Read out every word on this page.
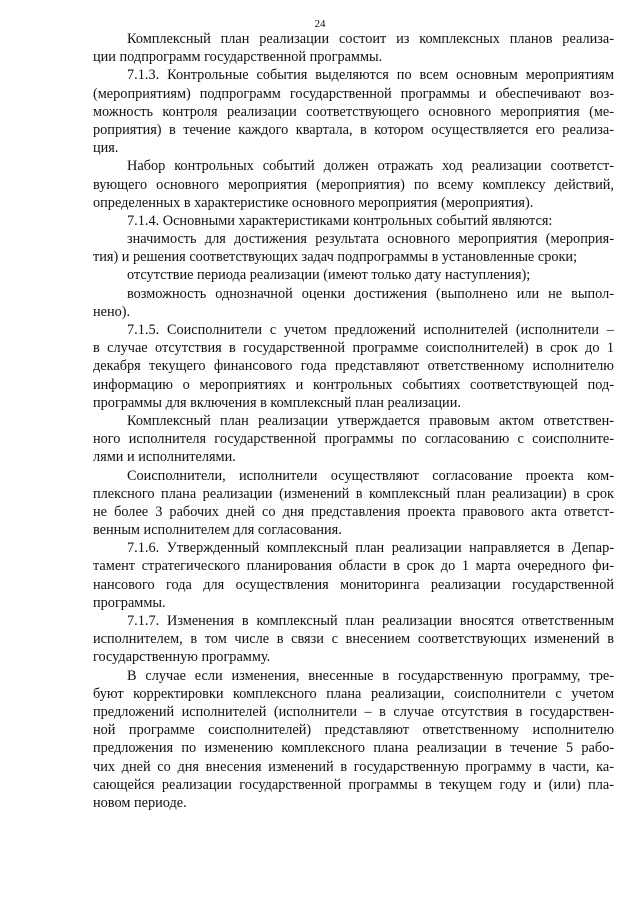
24
Комплексный план реализации состоит из комплексных планов реализа-
ции подпрограмм государственной программы.
7.1.3. Контрольные события выделяются по всем основным мероприятиям
(мероприятиям) подпрограмм государственной программы и обеспечивают воз-
можность контроля реализации соответствующего основного мероприятия (ме-
роприятия) в течение каждого квартала, в котором осуществляется его реализа-
ция.
Набор контрольных событий должен отражать ход реализации соответст-
вующего основного мероприятия (мероприятия) по всему комплексу действий,
определенных в характеристике основного мероприятия (мероприятия).
7.1.4. Основными характеристиками контрольных событий являются:
значимость для достижения результата основного мероприятия (мероприя-
тия) и решения соответствующих задач подпрограммы в установленные сроки;
отсутствие периода реализации (имеют только дату наступления);
возможность однозначной оценки достижения (выполнено или не выпол-
нено).
7.1.5. Соисполнители с учетом предложений исполнителей (исполнители –
в случае отсутствия в государственной программе соисполнителей) в срок до 1
декабря текущего финансового года представляют ответственному исполнителю
информацию о мероприятиях и контрольных событиях соответствующей под-
программы для включения в комплексный план реализации.
Комплексный план реализации утверждается правовым актом ответствен-
ного исполнителя государственной программы по согласованию с соисполните-
лями и исполнителями.
Соисполнители, исполнители осуществляют согласование проекта ком-
плексного плана реализации (изменений в комплексный план реализации) в срок
не более 3 рабочих дней со дня представления проекта правового акта ответст-
венным исполнителем для согласования.
7.1.6. Утвержденный комплексный план реализации направляется в Депар-
тамент стратегического планирования области в срок до 1 марта очередного фи-
нансового года для осуществления мониторинга реализации государственной
программы.
7.1.7. Изменения в комплексный план реализации вносятся ответственным
исполнителем, в том числе в связи с внесением соответствующих изменений в
государственную программу.
В случае если изменения, внесенные в государственную программу, тре-
буют корректировки комплексного плана реализации, соисполнители с учетом
предложений исполнителей (исполнители – в случае отсутствия в государствен-
ной программе соисполнителей) представляют ответственному исполнителю
предложения по изменению комплексного плана реализации в течение 5 рабо-
чих дней со дня внесения изменений в государственную программу в части, ка-
сающейся реализации государственной программы в текущем году и (или) пла-
новом периоде.
